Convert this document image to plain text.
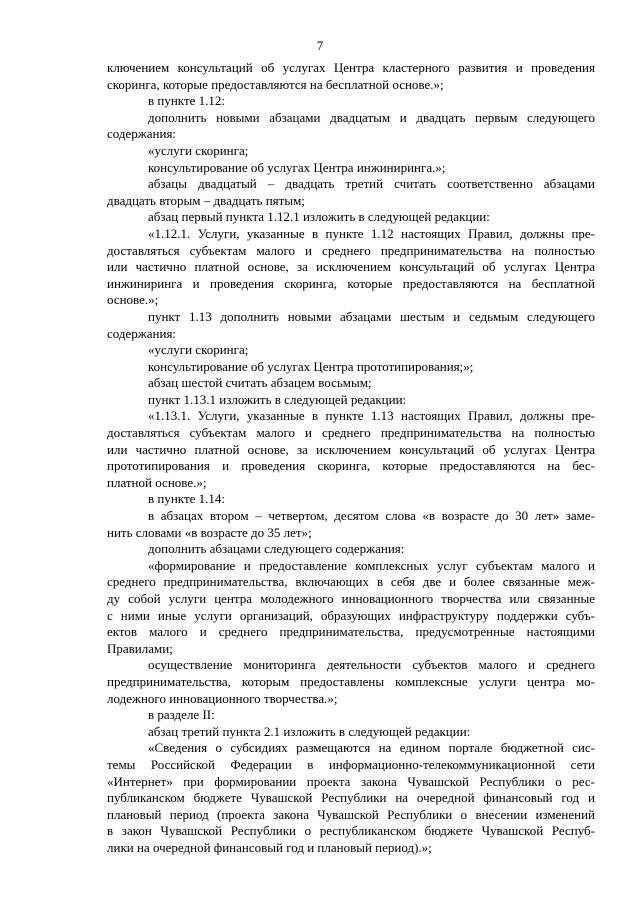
7

ключением консультаций об услугах Центра кластерного развития и проведения
скоринга, которые предоставляются на бесплатной основе.»;

в пункте 1.12:

дополнить новыми абзацами двадцатым и двадцать первым следующего
содержания:

«услуги скоринга;

консультирование об услугах Центра инжиниринга.»;

абзацы двадцатый – двадцать третий считать соответственно абзацами
двадцать вторым – двадцать пятым;

абзац первый пункта 1.12.1 изложить в следующей редакции:

«1.12.1. Услуги, указанные в пункте 1.12 настоящих Правил, должны пре-
доставляться субъектам малого и среднего предпринимательства на полностью
или частично платной основе, за исключением консультаций об услугах Центра
инжиниринга и проведения скоринга, которые предоставляются на бесплатной
основе.»;

пункт 1.13 дополнить новыми абзацами шестым и седьмым следующего
содержания:

«услуги скоринга;

консультирование об услугах Центра прототипирования;»;

абзац шестой считать абзацем восьмым;

пункт 1.13.1 изложить в следующей редакции:

«1.13.1. Услуги, указанные в пункте 1.13 настоящих Правил, должны пре-
доставляться субъектам малого и среднего предпринимательства на полностью
или частично платной основе, за исключением консультаций об услугах Центра
прототипирования и проведения скоринга, которые предоставляются на бес-
платной основе.»;

в пункте 1.14:

в абзацах втором – четвертом, десятом слова «в возрасте до 30 лет» заме-
нить словами «в возрасте до 35 лет»;

дополнить абзацами следующего содержания:

«формирование и предоставление комплексных услуг субъектам малого и
среднего предпринимательства, включающих в себя две и более связанные меж-
ду собой услуги центра молодежного инновационного творчества или связанные
с ними иные услуги организаций, образующих инфраструктуру поддержки субъ-
ектов малого и среднего предпринимательства, предусмотренные настоящими
Правилами;

осуществление мониторинга деятельности субъектов малого и среднего
предпринимательства, которым предоставлены комплексные услуги центра мо-
лодежного инновационного творчества.»;

в разделе II:

абзац третий пункта 2.1 изложить в следующей редакции:

«Сведения о субсидиях размещаются на едином портале бюджетной сис-
темы Российской Федерации в информационно-телекоммуникационной сети
«Интернет» при формировании проекта закона Чувашской Республики о рес-
публиканском бюджете Чувашской Республики на очередной финансовый год и
плановый период (проекта закона Чувашской Республики о внесении изменений
в закон Чувашской Республики о республиканском бюджете Чувашской Респуб-
лики на очередной финансовый год и плановый период).»;
